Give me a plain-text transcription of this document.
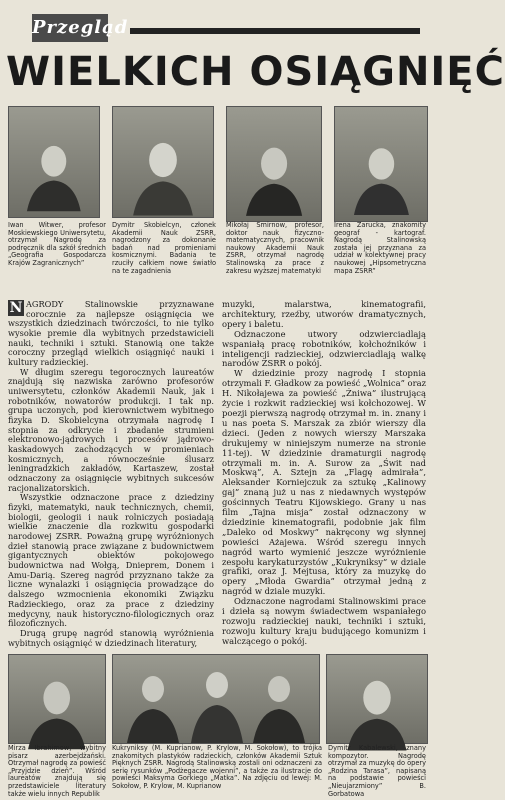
Przegląd
WIELKICH OSIĄGNIĘĆ
Iwan Witwer, profesor Moskiewskiego Uniwersytetu, otrzymał Nagrodę za podręcznik dla szkół średnich „Geografia Gospodarcza Krajów Zagranicznych”
Dymitr Skobielcyn, członek Akademii Nauk ZSRR, nagrodzony za dokonanie badań nad promieniami kosmicznymi. Badania te rzuciły całkiem nowe światło na te zagadnienia
Mikołaj Smirnow, profesor, doktor nauk fizyczno-matematycznych, pracownik naukowy Akademii Nauk ZSRR, otrzymał nagrodę Stalinowską za prace z zakresu wyższej matematyki
Irena Zarucka, znakomity geograf - kartograf. Nagrodą Stalinowską została jej przyznana za udział w kolektywnej pracy naukowej „Hipsometryczna mapa ZSRR”

N AGRODY Stalinowskie przyznawane corocznie za najlepsze osiągnięcia we wszystkich dziedzinach twórczości, to nie tylko wysokie premie dla wybitnych przedstawicieli nauki, techniki i sztuki. Stanowią one także coroczny przegląd wielkich osiągnięć nauki i kultury radzieckiej.

W długim szeregu tegorocznych laureatów znajdują się nazwiska zarówno profesorów uniwersytetu, członków Akademii Nauk, jak i robotników, nowatorów produkcji. I tak np. grupa uczonych, pod kierownictwem wybitnego fizyka D. Skobielcyna otrzymała nagrodę I stopnia za odkrycie i zbadanie strumieni elektronowo-jądrowych i procesów jądrowo-kaskadowych zachodzących w promieniach kosmicznych, a równocześnie ślusarz leningradzkich zakładów, Kartaszew, został odznaczony za osiągnięcie wybitnych sukcesów racjonalizatorskich.

Wszystkie odznaczone prace z dziedziny fizyki, matematyki, nauk technicznych, chemii, biologii, geologii i nauk rolniczych posiadają wielkie znaczenie dla rozkwitu gospodarki narodowej ZSRR. Poważną grupę wyróżnionych dzieł stanowią prace związane z budownictwem gigantycznych obiektów pokojowego budownictwa nad Wołgą, Dnieprem, Donem i Amu-Darią. Szereg nagród przyznano także za liczne wynalazki i osiągnięcia prowadzące do dalszego wzmocnienia ekonomiki Związku Radzieckiego, oraz za prace z dziedziny medycyny, nauk historyczno-filologicznych oraz filozoficznych.

Drugą grupę nagród stanowią wyróżnienia wybitnych osiągnięć w dziedzinach literatury,

muzyki, malarstwa, kinematografii, architektury, rzeźby, utworów dramatycznych, opery i baletu.

Odznaczone utwory odzwierciadlają wspaniałą pracę robotników, kołchoźników i inteligencji radzieckiej, odzwierciadlają walkę narodów ZSRR o pokój.

W dziedzinie prozy nagrodę I stopnia otrzymali F. Gładkow za powieść „Wolnica” oraz H. Nikołajewa za powieść „Żniwa” ilustrującą życie i rozkwit radzieckiej wsi kołchozowej. W poezji pierwszą nagrodę otrzymał m. in. znany i u nas poeta S. Marszak za zbiór wierszy dla dzieci. (Jeden z nowych wierszy Marszaka drukujemy w niniejszym numerze na stronie 11-tej). W dziedzinie dramaturgii nagrodę otrzymali m. in. A. Surow za „Świt nad Moskwą”, A. Sztejn za „Flagę admirała”, Aleksander Korniejczuk za sztukę „Kalinowy gaj” znaną już u nas z niedawnych występów gościnnych Teatru Kijowskiego. Grany u nas film „Tajna misja” został odznaczony w dziedzinie kinematografii, podobnie jak film „Daleko od Moskwy” nakręcony wg słynnej powieści Ażajewa. Wśród szeregu innych nagród warto wymienić jeszcze wyróżnienie zespołu karykaturzystów „Kukryniksy” w dziale grafiki, oraz J. Mejtusa, który za muzykę do opery „Młoda Gwardia” otrzymał jedną z nagród w dziale muzyki.

Odznaczone nagrodami Stalinowskimi prace i dzieła są nowym świadectwem wspaniałego rozwoju radzieckiej nauki, techniki i sztuki, rozwoju kultury kraju budującego komunizm i walczącego o pokój.

Mirza Ibrahimow, wybitny pisarz azerbejdżański. Otrzymał nagrodę za powieść „Przyjdzie dzień”. Wśród laureatów znajdują się przedstawiciele literatury także wielu innych Republik
Kukryniksy (M. Kuprianow, P. Krylow, M. Sokołow), to trójka znakomitych plastyków radzieckich, członków Akademii Sztuk Pięknych ZSRR. Nagrodą Stalinowską zostali oni odznaczeni za serię rysunków „Podżegacze wojenni”, a także za ilustracje do powieści Maksyma Gorkiego „Matka”. Na zdjęciu od lewej: M. Sokołow, P. Krylow, M. Kuprianow
Dymitr Kabalewski, znany kompozytor. Nagrodę otrzymał za muzykę do opery „Rodzina Tarasa”, napisaną na podstawie powieści „Nieujarzmiony” B. Gorbatowa
